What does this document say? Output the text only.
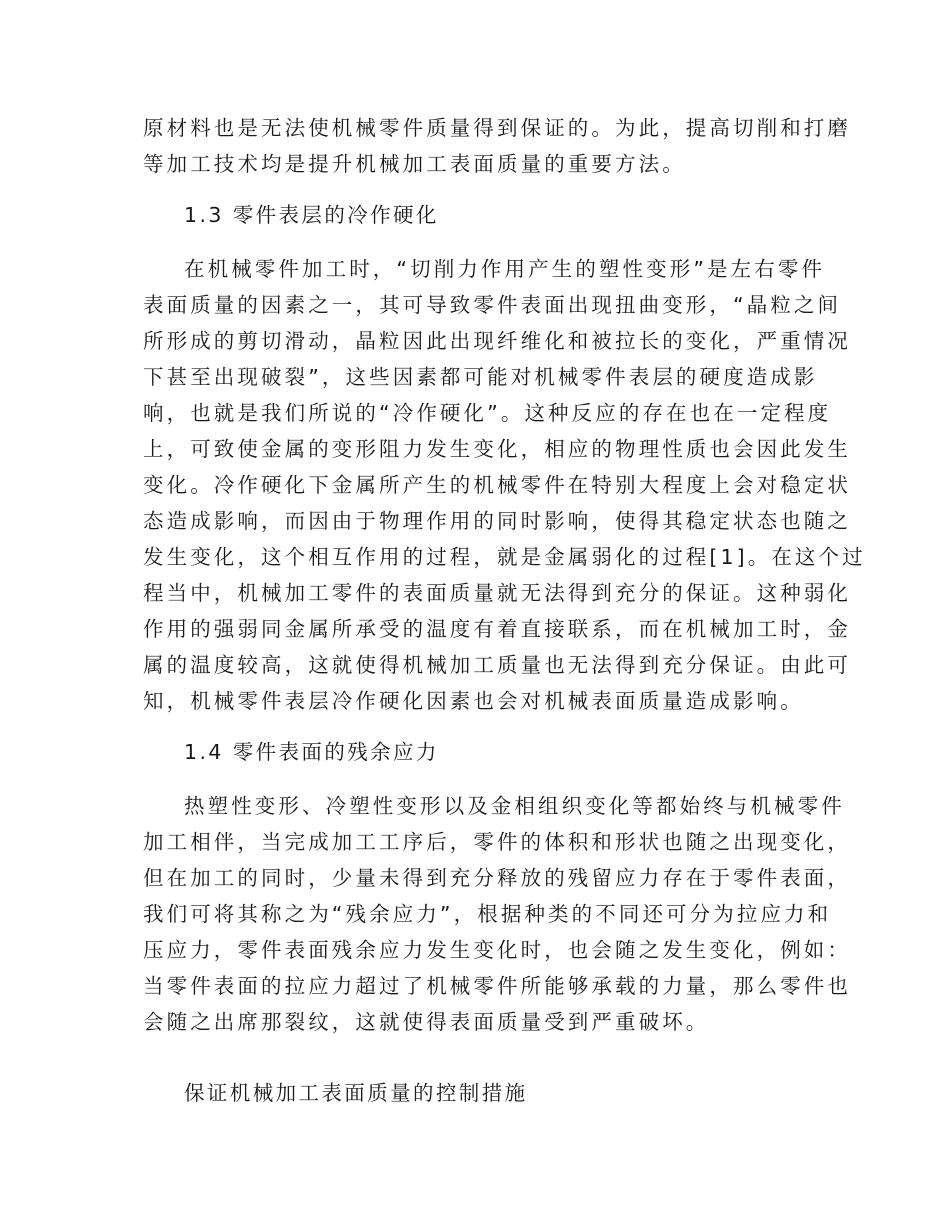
原材料也是无法使机械零件质量得到保证的。为此，提高切削和打磨
等加工技术均是提升机械加工表面质量的重要方法。
1.3 零件表层的冷作硬化
在机械零件加工时，“切削力作用产生的塑性变形”是左右零件
表面质量的因素之一，其可导致零件表面出现扭曲变形，“晶粒之间
所形成的剪切滑动，晶粒因此出现纤维化和被拉长的变化，严重情况
下甚至出现破裂”，这些因素都可能对机械零件表层的硬度造成影
响，也就是我们所说的“冷作硬化”。这种反应的存在也在一定程度
上，可致使金属的变形阻力发生变化，相应的物理性质也会因此发生
变化。冷作硬化下金属所产生的机械零件在特别大程度上会对稳定状
态造成影响，而因由于物理作用的同时影响，使得其稳定状态也随之
发生变化，这个相互作用的过程，就是金属弱化的过程[1]。在这个过
程当中，机械加工零件的表面质量就无法得到充分的保证。这种弱化
作用的强弱同金属所承受的温度有着直接联系，而在机械加工时，金
属的温度较高，这就使得机械加工质量也无法得到充分保证。由此可
知，机械零件表层冷作硬化因素也会对机械表面质量造成影响。
1.4 零件表面的残余应力
热塑性变形、冷塑性变形以及金相组织变化等都始终与机械零件
加工相伴，当完成加工工序后，零件的体积和形状也随之出现变化，
但在加工的同时，少量未得到充分释放的残留应力存在于零件表面，
我们可将其称之为“残余应力”，根据种类的不同还可分为拉应力和
压应力，零件表面残余应力发生变化时，也会随之发生变化，例如：
当零件表面的拉应力超过了机械零件所能够承载的力量，那么零件也
会随之出席那裂纹，这就使得表面质量受到严重破坏。
保证机械加工表面质量的控制措施
